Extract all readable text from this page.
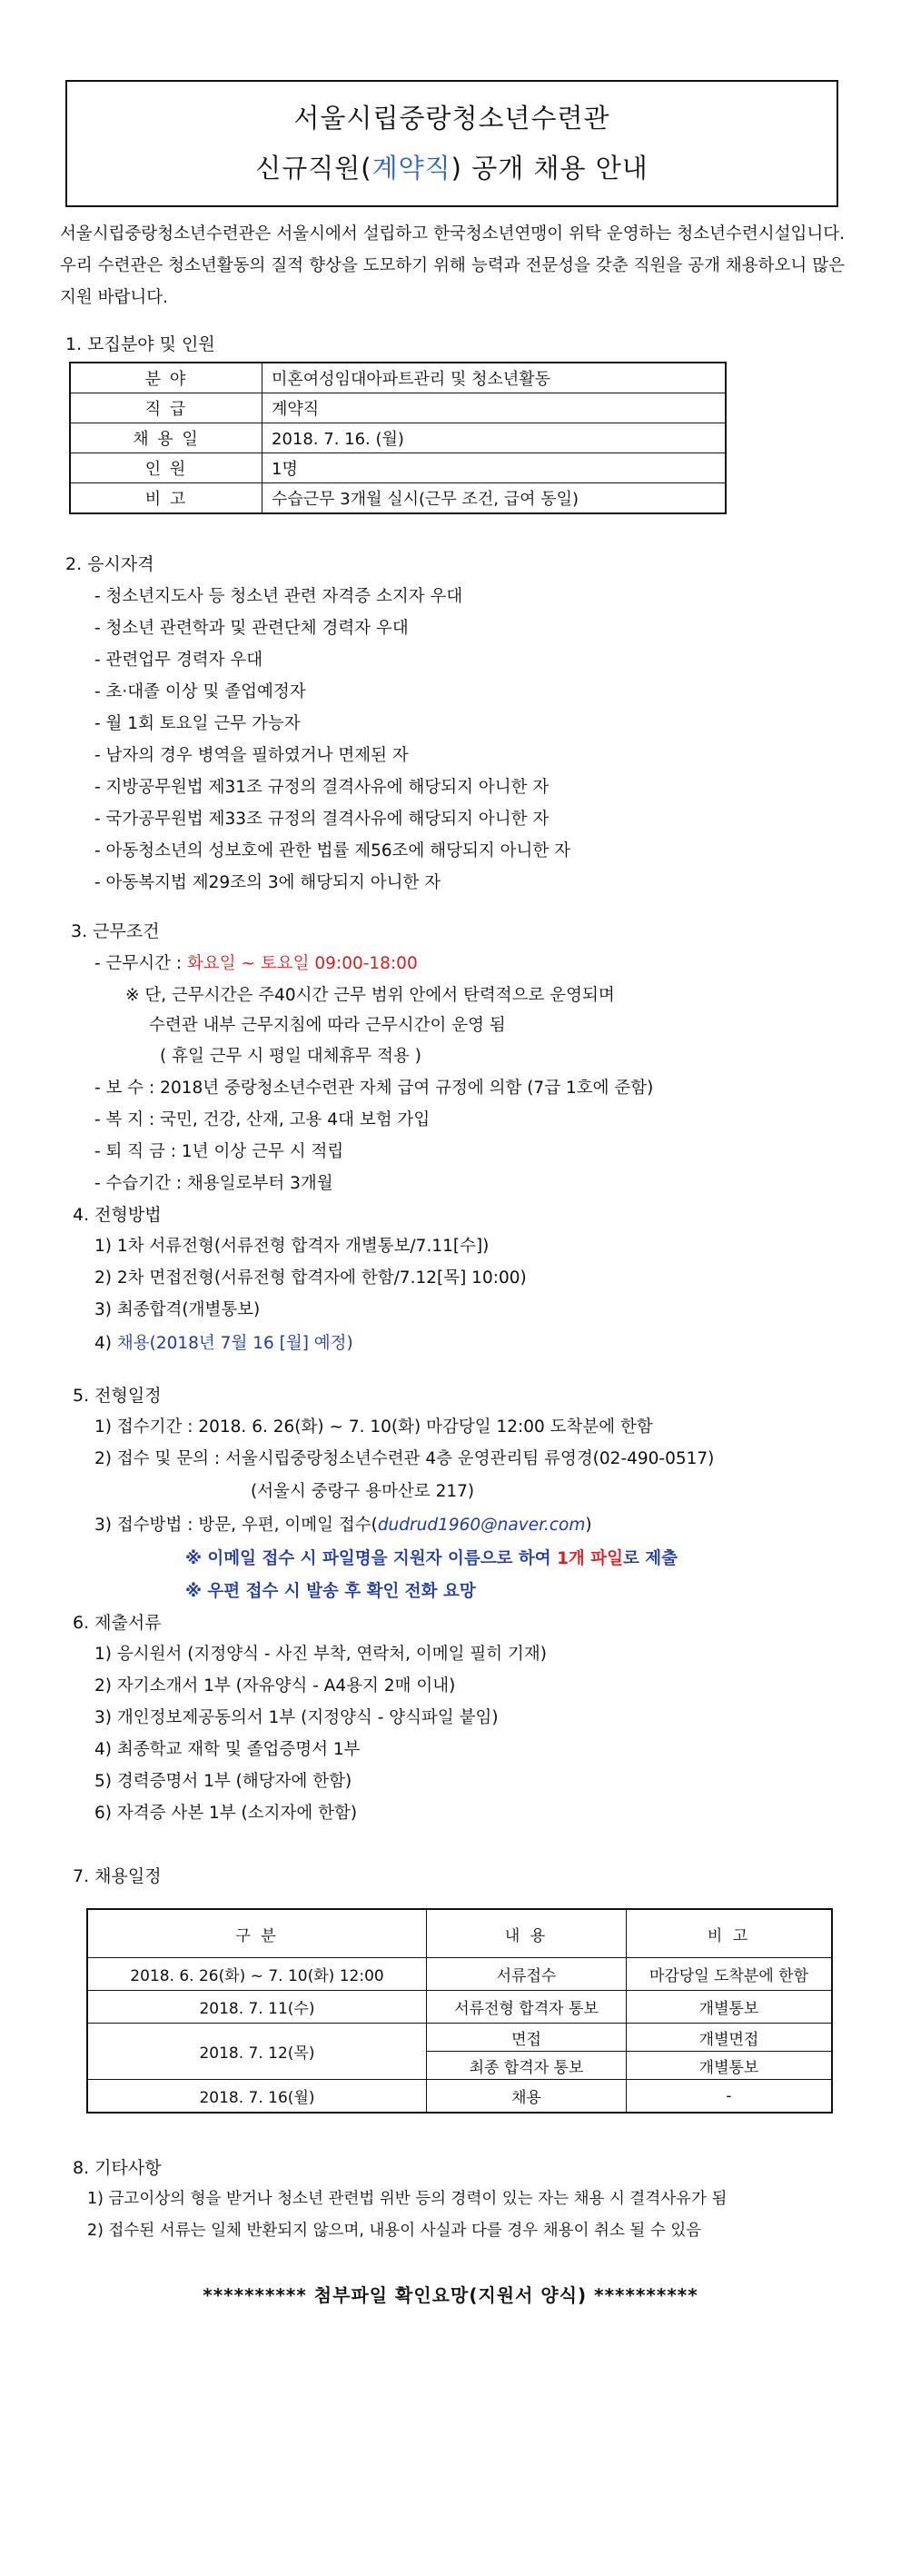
서울시립중랑청소년수련관
신규직원(계약직) 공개 채용 안내
서울시립중랑청소년수련관은 서울시에서 설립하고 한국청소년연맹이 위탁 운영하는 청소년수련시설입니다. 우리 수련관은 청소년활동의 질적 향상을 도모하기 위해 능력과 전문성을 갖춘 직원을 공개 채용하오니 많은 지원 바랍니다.
1. 모집분야 및 인원
분 야	미혼여성임대아파트관리 및 청소년활동
직 급	계약직
채 용 일	2018. 7. 16. (월)
인 원	1명
비 고	수습근무 3개월 실시(근무 조건, 급여 동일)
2. 응시자격
- 청소년지도사 등 청소년 관련 자격증 소지자 우대
- 청소년 관련학과 및 관련단체 경력자 우대
- 관련업무 경력자 우대
- 초·대졸 이상 및 졸업예정자
- 월 1회 토요일 근무 가능자
- 남자의 경우 병역을 필하였거나 면제된 자
- 지방공무원법 제31조 규정의 결격사유에 해당되지 아니한 자
- 국가공무원법 제33조 규정의 결격사유에 해당되지 아니한 자
- 아동청소년의 성보호에 관한 법률 제56조에 해당되지 아니한 자
- 아동복지법 제29조의 3에 해당되지 아니한 자
3. 근무조건
- 근무시간 : 화요일 ~ 토요일 09:00-18:00
※ 단, 근무시간은 주40시간 근무 범위 안에서 탄력적으로 운영되며
수련관 내부 근무지침에 따라 근무시간이 운영 됨
( 휴일 근무 시 평일 대체휴무 적용 )
- 보 수 : 2018년 중랑청소년수련관 자체 급여 규정에 의함 (7급 1호에 준함)
- 복 지 : 국민, 건강, 산재, 고용 4대 보험 가입
- 퇴 직 금 : 1년 이상 근무 시 적립
- 수습기간 : 채용일로부터 3개월
4. 전형방법
1) 1차 서류전형(서류전형 합격자 개별통보/7.11[수])
2) 2차 면접전형(서류전형 합격자에 한함/7.12[목] 10:00)
3) 최종합격(개별통보)
4) 채용(2018년 7월 16 [월] 예정)
5. 전형일정
1) 접수기간 : 2018. 6. 26(화) ~ 7. 10(화) 마감당일 12:00 도착분에 한함
2) 접수 및 문의 : 서울시립중랑청소년수련관 4층 운영관리팀 류영경(02-490-0517)
(서울시 중랑구 용마산로 217)
3) 접수방법 : 방문, 우편, 이메일 접수(dudrud1960@naver.com)
※ 이메일 접수 시 파일명을 지원자 이름으로 하여 1개 파일로 제출
※ 우편 접수 시 발송 후 확인 전화 요망
6. 제출서류
1) 응시원서 (지정양식 - 사진 부착, 연락처, 이메일 필히 기재)
2) 자기소개서 1부 (자유양식 - A4용지 2매 이내)
3) 개인정보제공동의서 1부 (지정양식 - 양식파일 붙임)
4) 최종학교 재학 및 졸업증명서 1부
5) 경력증명서 1부 (해당자에 한함)
6) 자격증 사본 1부 (소지자에 한함)
7. 채용일정
구 분	내 용	비 고
2018. 6. 26(화) ~ 7. 10(화) 12:00	서류접수	마감당일 도착분에 한함
2018. 7. 11(수)	서류전형 합격자 통보	개별통보
2018. 7. 12(목)	면접	개별면접
	최종 합격자 통보	개별통보
2018. 7. 16(월)	채용	-
8. 기타사항
1) 금고이상의 형을 받거나 청소년 관련법 위반 등의 경력이 있는 자는 채용 시 결격사유가 됨
2) 접수된 서류는 일체 반환되지 않으며, 내용이 사실과 다를 경우 채용이 취소 될 수 있음
********** 첨부파일 확인요망(지원서 양식) **********
